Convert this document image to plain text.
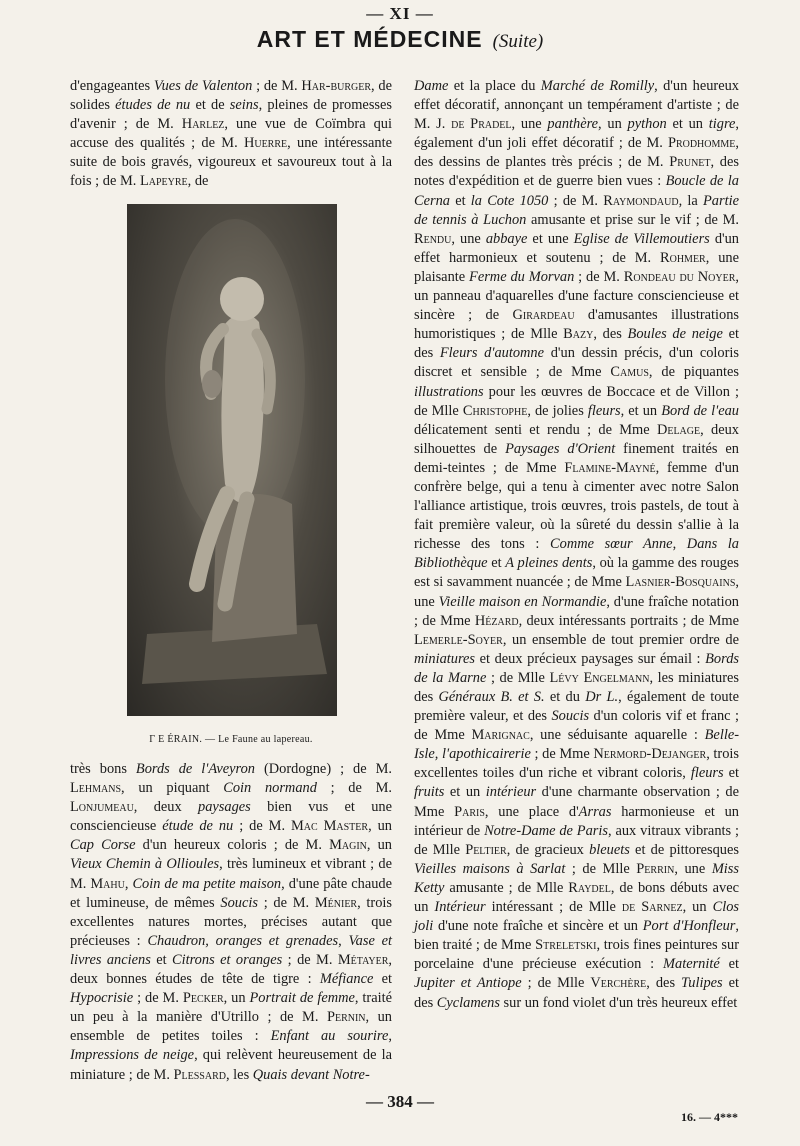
— XI —
ART ET MÉDECINE (Suite)

d'engageantes Vues de Valenton ; de M. Har-burger, de solides études de nu et de seins, pleines de promesses d'avenir ; de M. Harlez, une vue de Coïmbra qui accuse des qualités ; de M. Huerre, une intéressante suite de bois gravés, vigoureux et savoureux tout à la fois ; de M. Lapeyre, de

Γ E ÉRAIN. — Le Faune au lapereau.

très bons Bords de l'Aveyron (Dordogne) ; de M. Lehmans, un piquant Coin normand ; de M. Lonjumeau, deux paysages bien vus et une consciencieuse étude de nu ; de M. Mac Master, un Cap Corse d'un heureux coloris ; de M. Magin, un Vieux Chemin à Ollioules, très lumineux et vibrant ; de M. Mahu, Coin de ma petite maison, d'une pâte chaude et lumineuse, de mêmes Soucis ; de M. Ménier, trois excellentes natures mortes, précises autant que précieuses : Chaudron, oranges et grenades, Vase et livres anciens et Citrons et oranges ; de M. Métayer, deux bonnes études de tête de tigre : Méfiance et Hypocrisie ; de M. Pecker, un Portrait de femme, traité un peu à la manière d'Utrillo ; de M. Pernin, un ensemble de petites toiles : Enfant au sourire, Impressions de neige, qui relèvent heureusement de la miniature ; de M. Plessard, les Quais devant Notre-

Dame et la place du Marché de Romilly, d'un heureux effet décoratif, annonçant un tempérament d'artiste ; de M. J. de Pradel, une panthère, un python et un tigre, également d'un joli effet décoratif ; de M. Prodhomme, des dessins de plantes très précis ; de M. Prunet, des notes d'expédition et de guerre bien vues : Boucle de la Cerna et la Cote 1050 ; de M. Raymondaud, la Partie de tennis à Luchon amusante et prise sur le vif ; de M. Rendu, une abbaye et une Eglise de Villemoutiers d'un effet harmonieux et soutenu ; de M. Rohmer, une plaisante Ferme du Morvan ; de M. Rondeau du Noyer, un panneau d'aquarelles d'une facture consciencieuse et sincère ; de Girardeau d'amusantes illustrations humoristiques ; de Mlle Bazy, des Boules de neige et des Fleurs d'automne d'un dessin précis, d'un coloris discret et sensible ; de Mme Camus, de piquantes illustrations pour les œuvres de Boccace et de Villon ; de Mlle Christophe, de jolies fleurs, et un Bord de l'eau délicatement senti et rendu ; de Mme Delage, deux silhouettes de Paysages d'Orient finement traités en demi-teintes ; de Mme Flamine-Mayné, femme d'un confrère belge, qui a tenu à cimenter avec notre Salon l'alliance artistique, trois œuvres, trois pastels, de tout à fait première valeur, où la sûreté du dessin s'allie à la richesse des tons : Comme sœur Anne, Dans la Bibliothèque et A pleines dents, où la gamme des rouges est si savamment nuancée ; de Mme Lasnier-Bosquains, une Vieille maison en Normandie, d'une fraîche notation ; de Mme Hézard, deux intéressants portraits ; de Mme Lemerle-Soyer, un ensemble de tout premier ordre de miniatures et deux précieux paysages sur émail : Bords de la Marne ; de Mlle Lévy Engelmann, les miniatures des Généraux B. et S. et du Dr L., également de toute première valeur, et des Soucis d'un coloris vif et franc ; de Mme Marignac, une séduisante aquarelle : Belle-Isle, l'apothicairerie ; de Mme Nermord-Dejanger, trois excellentes toiles d'un riche et vibrant coloris, fleurs et fruits et un intérieur d'une charmante observation ; de Mme Paris, une place d'Arras harmonieuse et un intérieur de Notre-Dame de Paris, aux vitraux vibrants ; de Mlle Peltier, de gracieux bleuets et de pittoresques Vieilles maisons à Sarlat ; de Mlle Perrin, une Miss Ketty amusante ; de Mlle Raydel, de bons débuts avec un Intérieur intéressant ; de Mlle de Sarnez, un Clos joli d'une note fraîche et sincère et un Port d'Honfleur, bien traité ; de Mme Streletski, trois fines peintures sur porcelaine d'une précieuse exécution : Maternité et Jupiter et Antiope ; de Mlle Verchère, des Tulipes et des Cyclamens sur un fond violet d'un très heureux effet

— 384 —
16. — 4***
